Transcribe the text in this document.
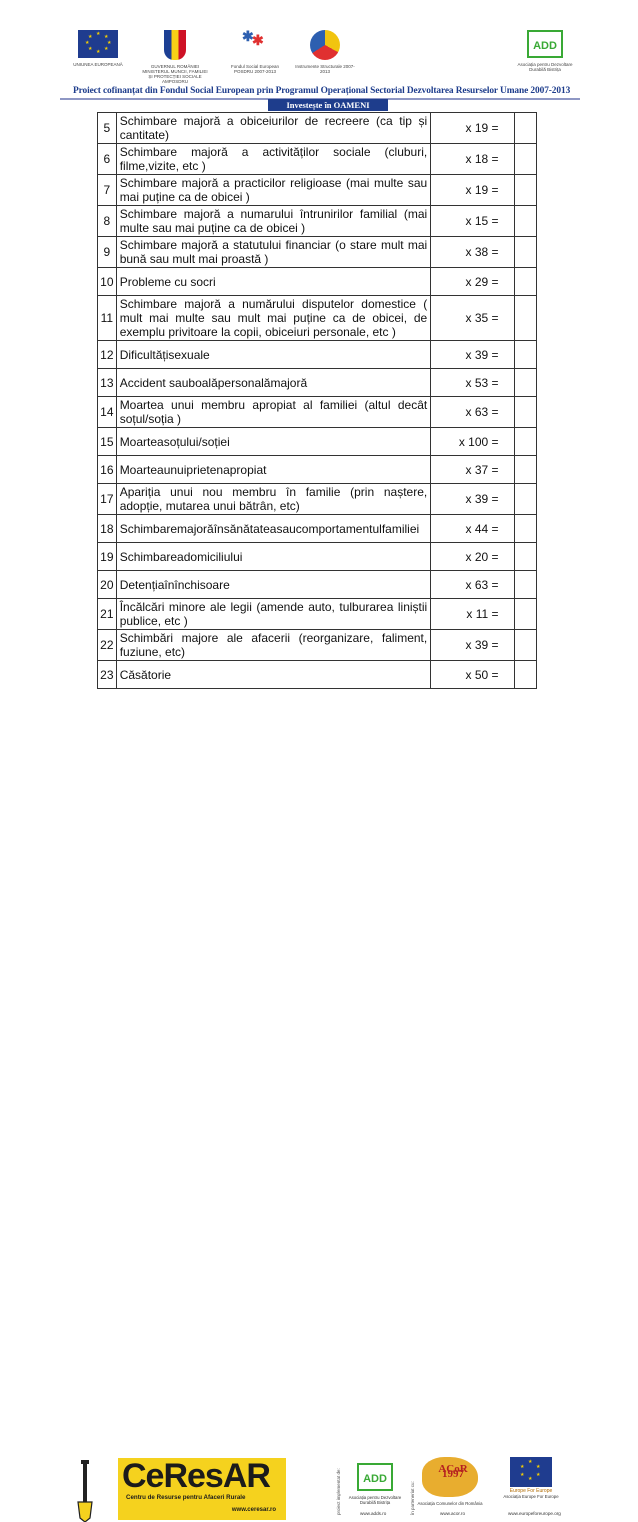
★ ★
★
★
★
★
★
★
UNIUNEA EUROPEANĂ	GUVERNUL ROMÂNIEI MINISTERUL MUNCII, FAMILIEI ȘI PROTECȚIEI SOCIALE AMPOSDRU
✱
✱
Fondul Social European POSDRU 2007-2013
Instrumente Structurale 2007-2013
ADD
Asociația pentru Dezvoltare Durabilă Bistrița
Proiect cofinanțat din Fondul Social European prin Programul Operațional Sectorial Dezvoltarea Resurselor Umane 2007-2013
Investește în OAMENI
5	Schimbare majoră a obiceiurilor de recreere (ca tip și cantitate)	x 19 =	
6	Schimbare majoră a activităților sociale (cluburi, filme,vizite, etc )	x 18 =	
7	Schimbare majoră a practicilor religioase (mai multe sau mai puține ca de obicei )	x 19 =	
8	Schimbare majoră a numarului întrunirilor familial (mai multe sau mai puține ca de obicei )	x 15 =	
9	Schimbare majoră a statutului financiar (o stare mult mai bună sau mult mai proastă )	x 38 =	
10	Probleme cu socri	x 29 =	
11	Schimbare majoră a numărului disputelor domestice ( mult mai multe sau mult mai puține ca de obicei, de exemplu privitoare la copii, obiceiuri personale, etc )	x 35 =	
12	Dificultățisexuale	x 39 =	
13	Accident sauboalăpersonalămajoră	x 53 =	
14	Moartea unui membru apropiat al familiei (altul decât soțul/soția )	x 63 =	
15	Moarteasoțului/soției	x 100 =	
16	Moarteaunuiprietenapropiat	x 37 =	
17	Apariția unui nou membru în familie (prin naștere, adopție, mutarea unui bătrân, etc)	x 39 =	
18	Schimbaremajorăînsănătateasaucomportamentulfamiliei	x 44 =	
19	Schimbareadomiciliului	x 20 =	
20	Detențiaînînchisoare	x 63 =	
21	Încălcări minore ale legii (amende auto, tulburarea liniștii publice, etc )	x 11 =	
22	Schimbări majore ale afacerii (reorganizare, faliment, fuziune, etc)	x 39 =	
23	Căsătorie	x 50 =	
CeResAR
Centru de Resurse pentru Afaceri Rurale
www.ceresar.ro	proiect implementat de:	în parteneriat cu:
ADD
Asociația pentru Dezvoltare Durabilă Bistrița
ACoR 1997
Asociația Comunelor din România
★
★
★
★
★
★
Europe For Europe
Asociația Europe For Europe
www.adds.ro	www.acor.ro	www.europeforeurope.org
